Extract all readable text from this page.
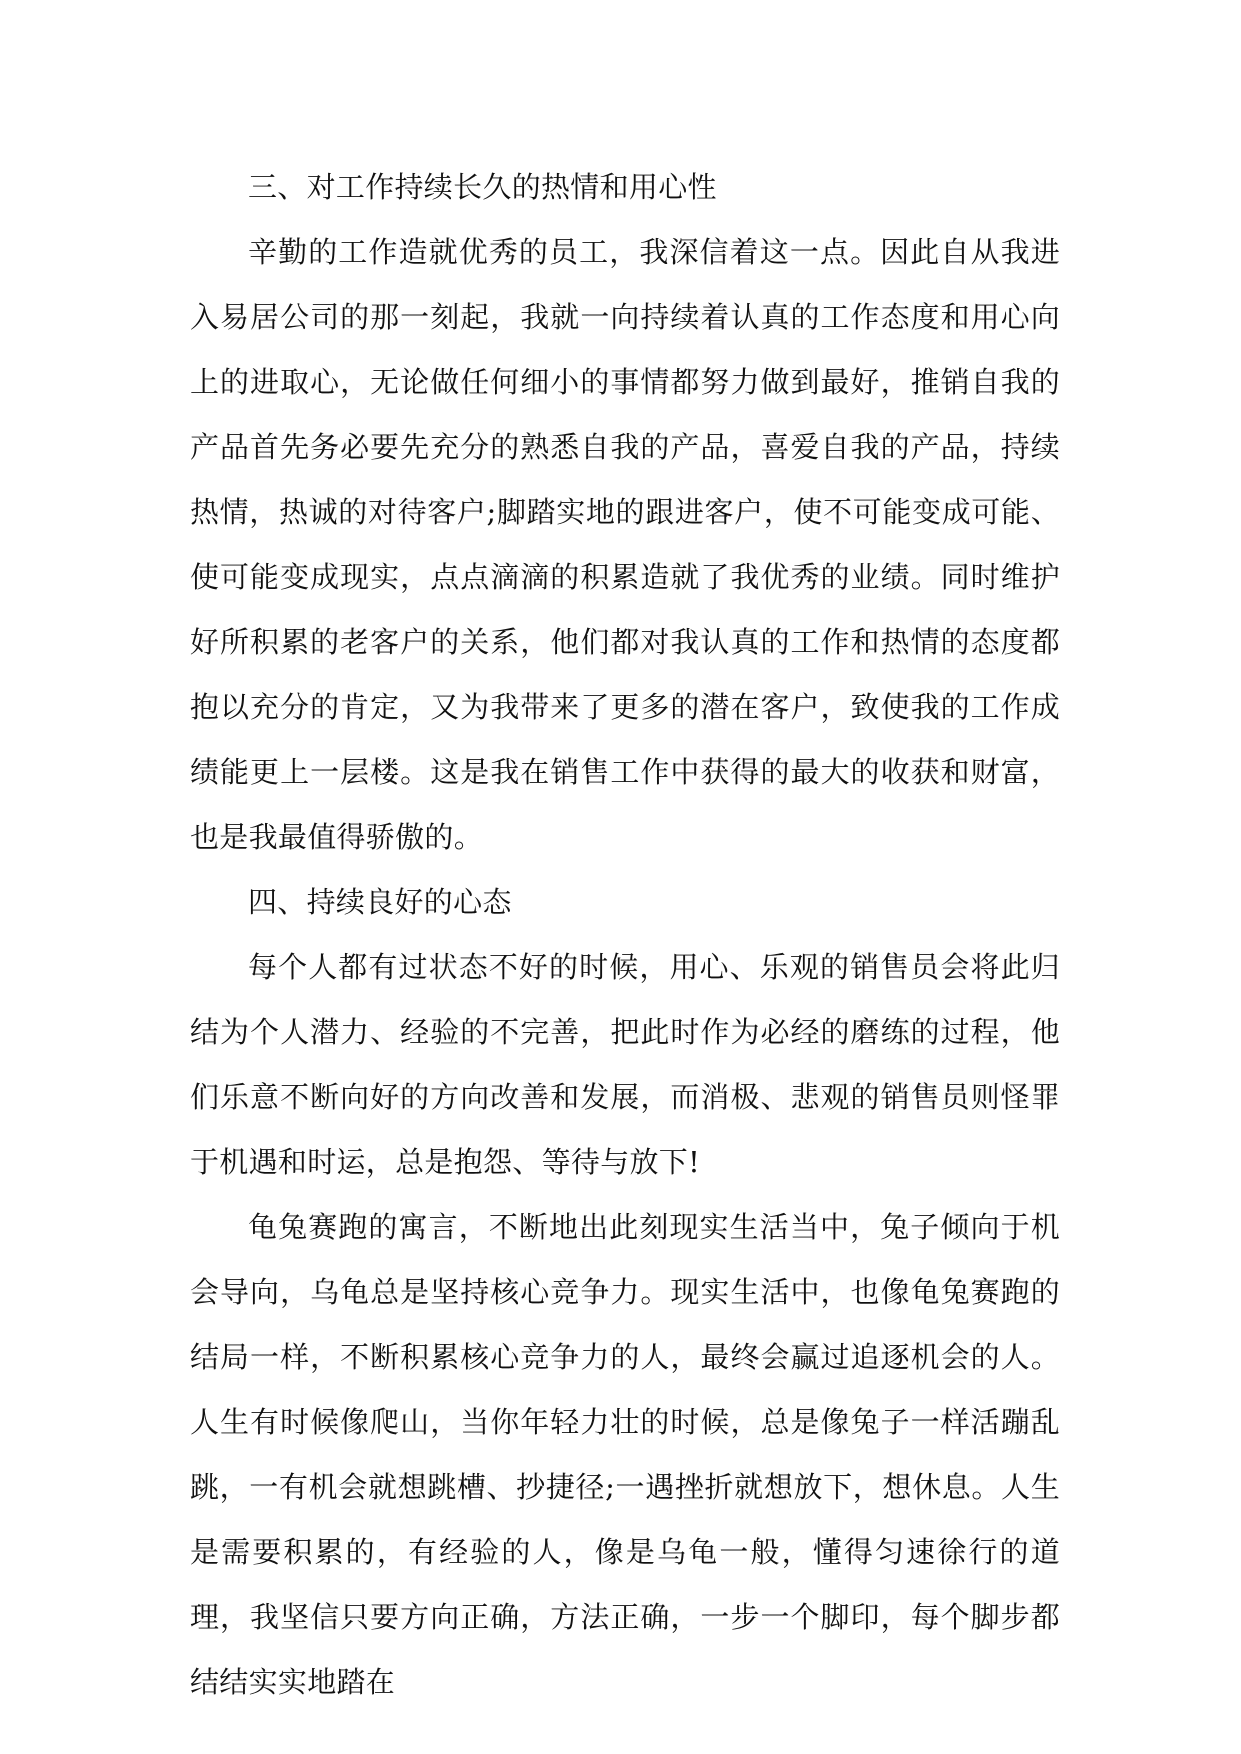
三、对工作持续长久的热情和用心性

辛勤的工作造就优秀的员工，我深信着这一点。因此自从我进入易居公司的那一刻起，我就一向持续着认真的工作态度和用心向上的进取心，无论做任何细小的事情都努力做到最好，推销自我的产品首先务必要先充分的熟悉自我的产品，喜爱自我的产品，持续热情，热诚的对待客户;脚踏实地的跟进客户，使不可能变成可能、使可能变成现实，点点滴滴的积累造就了我优秀的业绩。同时维护好所积累的老客户的关系，他们都对我认真的工作和热情的态度都抱以充分的肯定，又为我带来了更多的潜在客户，致使我的工作成绩能更上一层楼。这是我在销售工作中获得的最大的收获和财富，也是我最值得骄傲的。

四、持续良好的心态

每个人都有过状态不好的时候，用心、乐观的销售员会将此归结为个人潜力、经验的不完善，把此时作为必经的磨练的过程，他们乐意不断向好的方向改善和发展，而消极、悲观的销售员则怪罪于机遇和时运，总是抱怨、等待与放下!

龟兔赛跑的寓言，不断地出此刻现实生活当中，兔子倾向于机会导向，乌龟总是坚持核心竞争力。现实生活中，也像龟兔赛跑的结局一样，不断积累核心竞争力的人，最终会赢过追逐机会的人。人生有时候像爬山，当你年轻力壮的时候，总是像兔子一样活蹦乱跳，一有机会就想跳槽、抄捷径;一遇挫折就想放下，想休息。人生是需要积累的，有经验的人，像是乌龟一般，懂得匀速徐行的道理，我坚信只要方向正确，方法正确，一步一个脚印，每个脚步都结结实实地踏在
